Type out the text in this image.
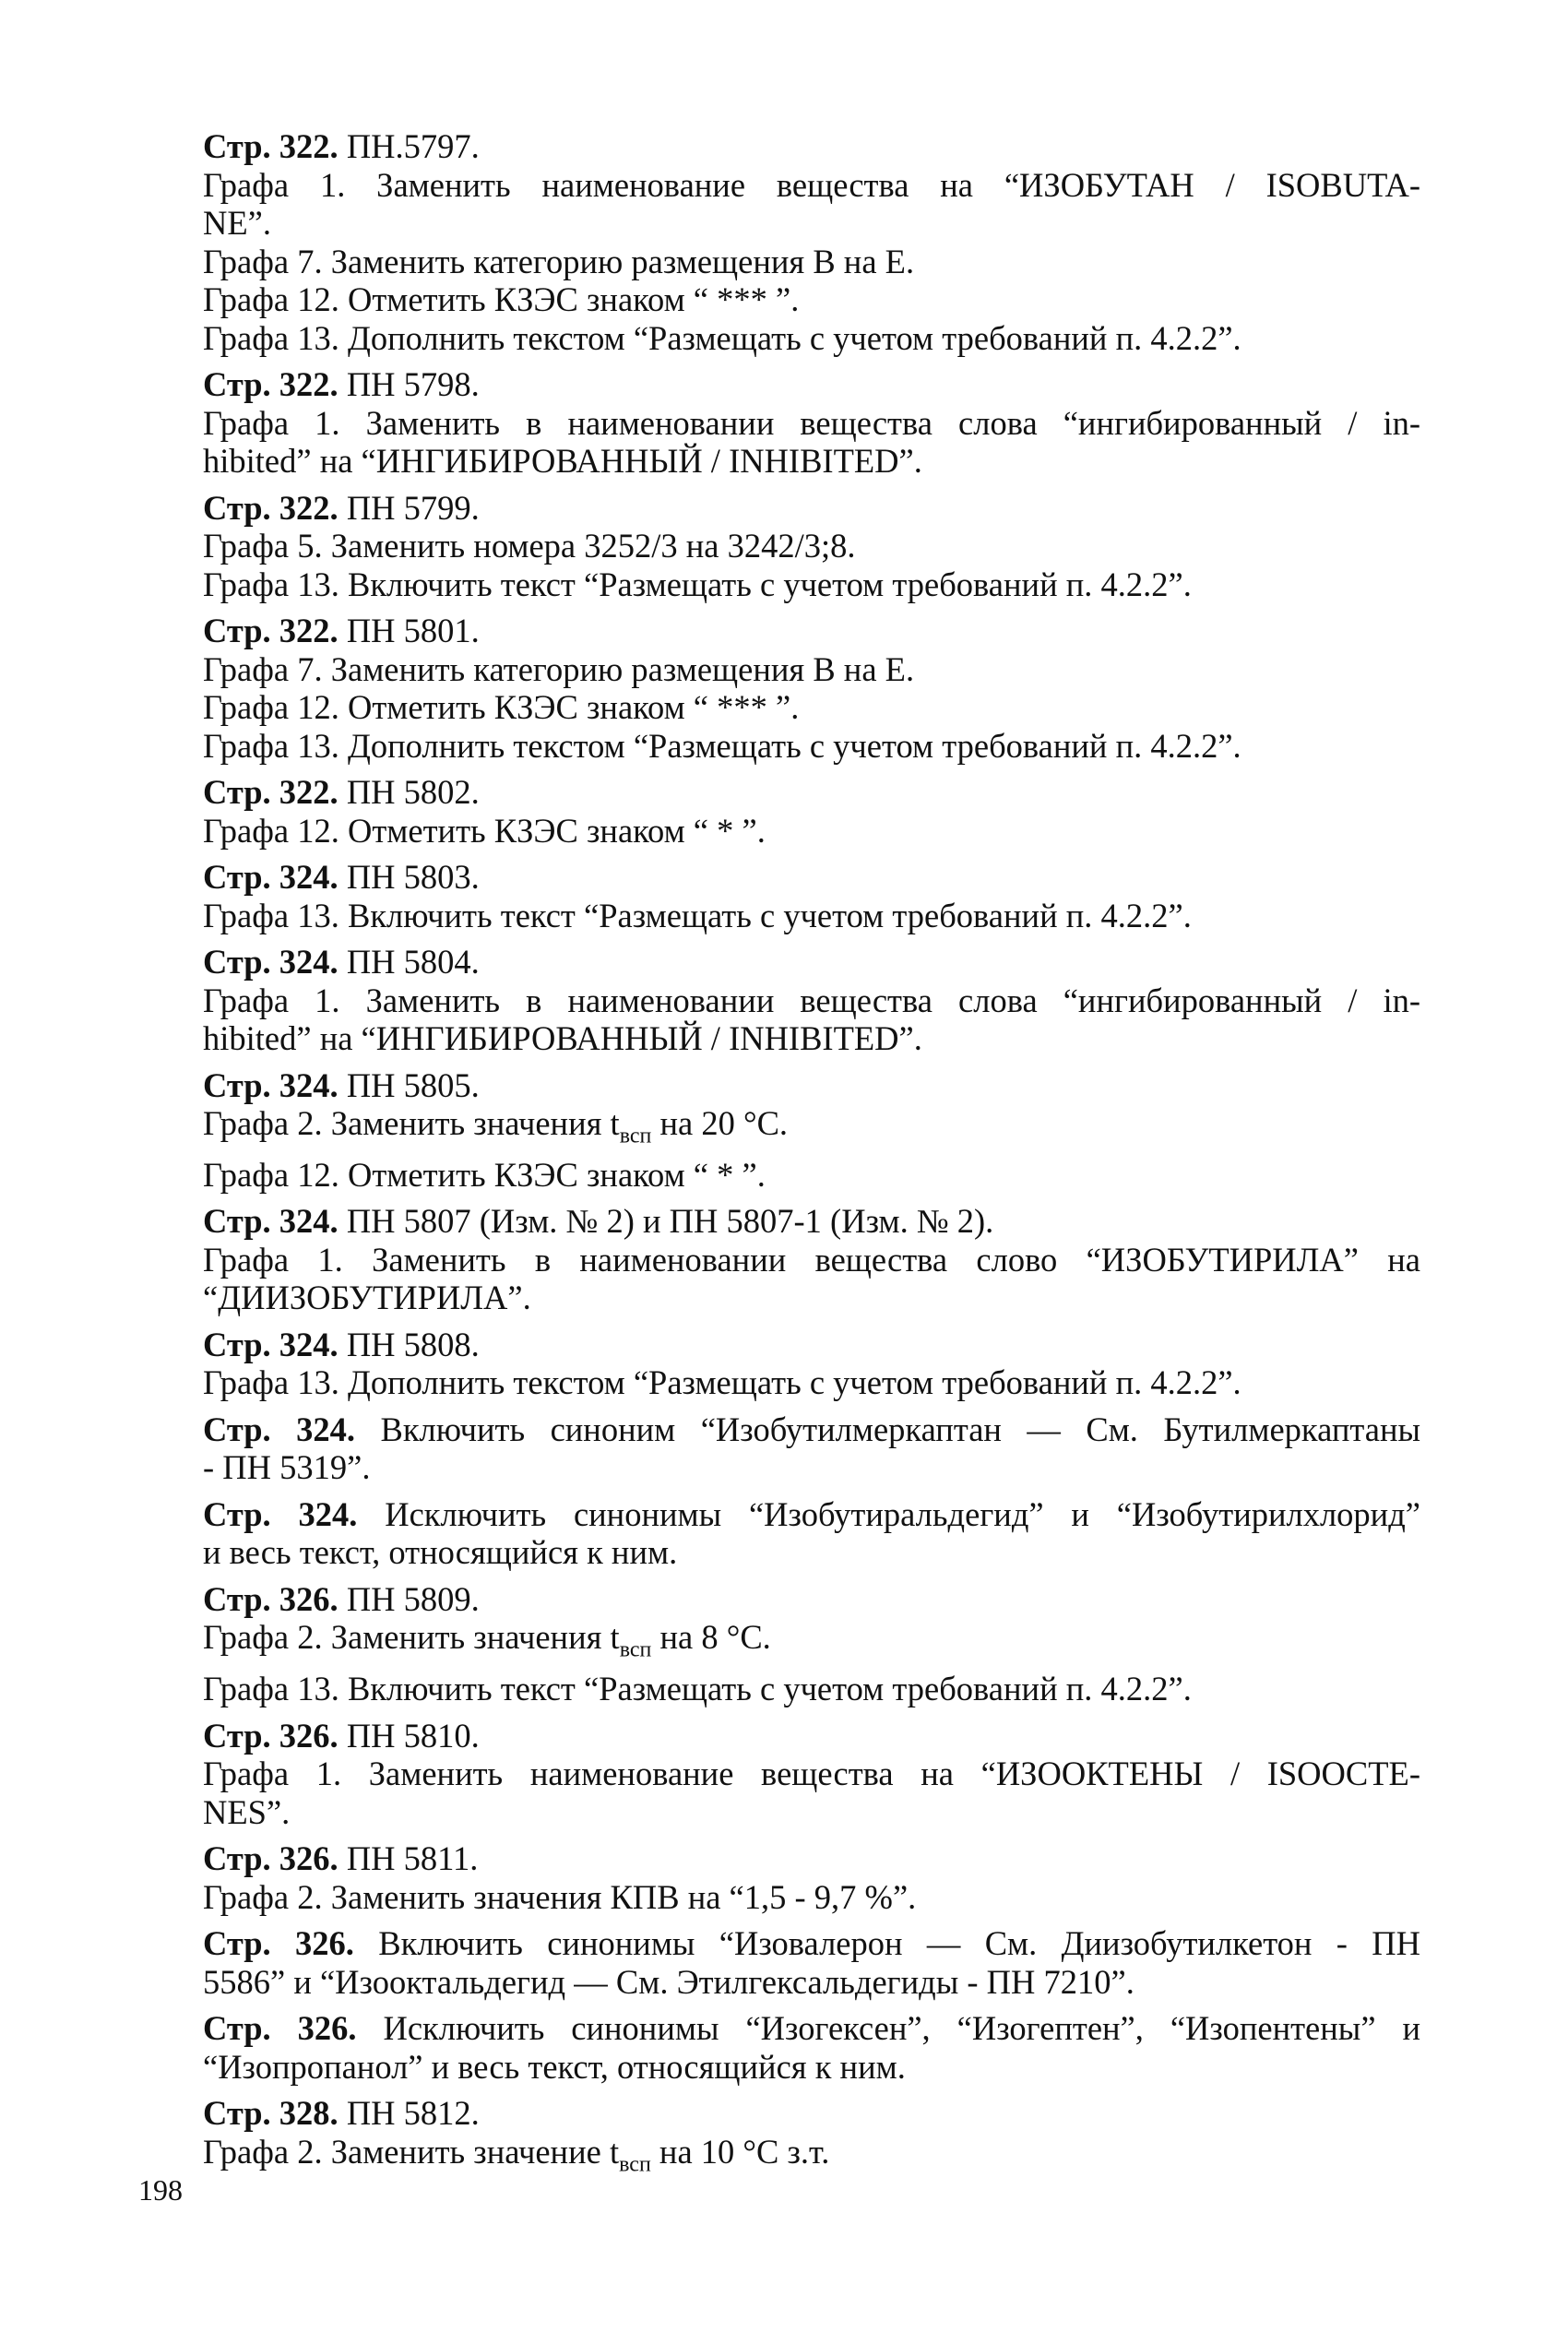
Стр. 322. ПН.5797.
Графа 1. Заменить наименование вещества на “ИЗОБУТАН / ISOBUTA-
NE”.
Графа 7. Заменить категорию размещения В на Е.
Графа 12. Отметить КЗЭС знаком “ *** ”.
Графа 13. Дополнить текстом “Размещать с учетом требований п. 4.2.2”.
Стр. 322. ПН 5798.
Графа 1. Заменить в наименовании вещества слова “ингибированный / in-
hibited” на “ИНГИБИРОВАННЫЙ / INHIBITED”.
Стр. 322. ПН 5799.
Графа 5. Заменить номера 3252/3 на 3242/3;8.
Графа 13. Включить текст “Размещать с учетом требований п. 4.2.2”.
Стр. 322. ПН 5801.
Графа 7. Заменить категорию размещения В на Е.
Графа 12. Отметить КЗЭС знаком “ *** ”.
Графа 13. Дополнить текстом “Размещать с учетом требований п. 4.2.2”.
Стр. 322. ПН 5802.
Графа 12. Отметить КЗЭС знаком “ * ”.
Стр. 324. ПН 5803.
Графа 13. Включить текст “Размещать с учетом требований п. 4.2.2”.
Стр. 324. ПН 5804.
Графа 1. Заменить в наименовании вещества слова “ингибированный / in-
hibited” на “ИНГИБИРОВАННЫЙ / INHIBITED”.
Стр. 324. ПН 5805.
Графа 2. Заменить значения $t_{всп}$ на 20 °С.
Графа 12. Отметить КЗЭС знаком “ * ”.
Стр. 324. ПН 5807 (Изм. № 2) и ПН 5807-1 (Изм. № 2).
Графа 1. Заменить в наименовании вещества слово “ИЗОБУТИРИЛА” на
“ДИИЗОБУТИРИЛА”.
Стр. 324. ПН 5808.
Графа 13. Дополнить текстом “Размещать с учетом требований п. 4.2.2”.
Стр. 324. Включить синоним “Изобутилмеркаптан — См. Бутилмеркаптаны
- ПН 5319”.
Стр. 324. Исключить синонимы “Изобутиральдегид” и “Изобутирилхлорид”
и весь текст, относящийся к ним.
Стр. 326. ПН 5809.
Графа 2. Заменить значения $t_{всп}$ на 8 °С.
Графа 13. Включить текст “Размещать с учетом требований п. 4.2.2”.
Стр. 326. ПН 5810.
Графа 1. Заменить наименование вещества на “ИЗООКТЕНЫ / ISOOCTE-
NES”.
Стр. 326. ПН 5811.
Графа 2. Заменить значения КПВ на “1,5 - 9,7 %”.
Стр. 326. Включить синонимы “Изовалерон — См. Диизобутилкетон - ПН
5586” и “Изооктальдегид — См. Этилгексальдегиды - ПН 7210”.
Стр. 326. Исключить синонимы “Изогексен”, “Изогептен”, “Изопентены” и
“Изопропанол” и весь текст, относящийся к ним.
Стр. 328. ПН 5812.
Графа 2. Заменить значение $t_{всп}$ на 10 °С з.т.
198
